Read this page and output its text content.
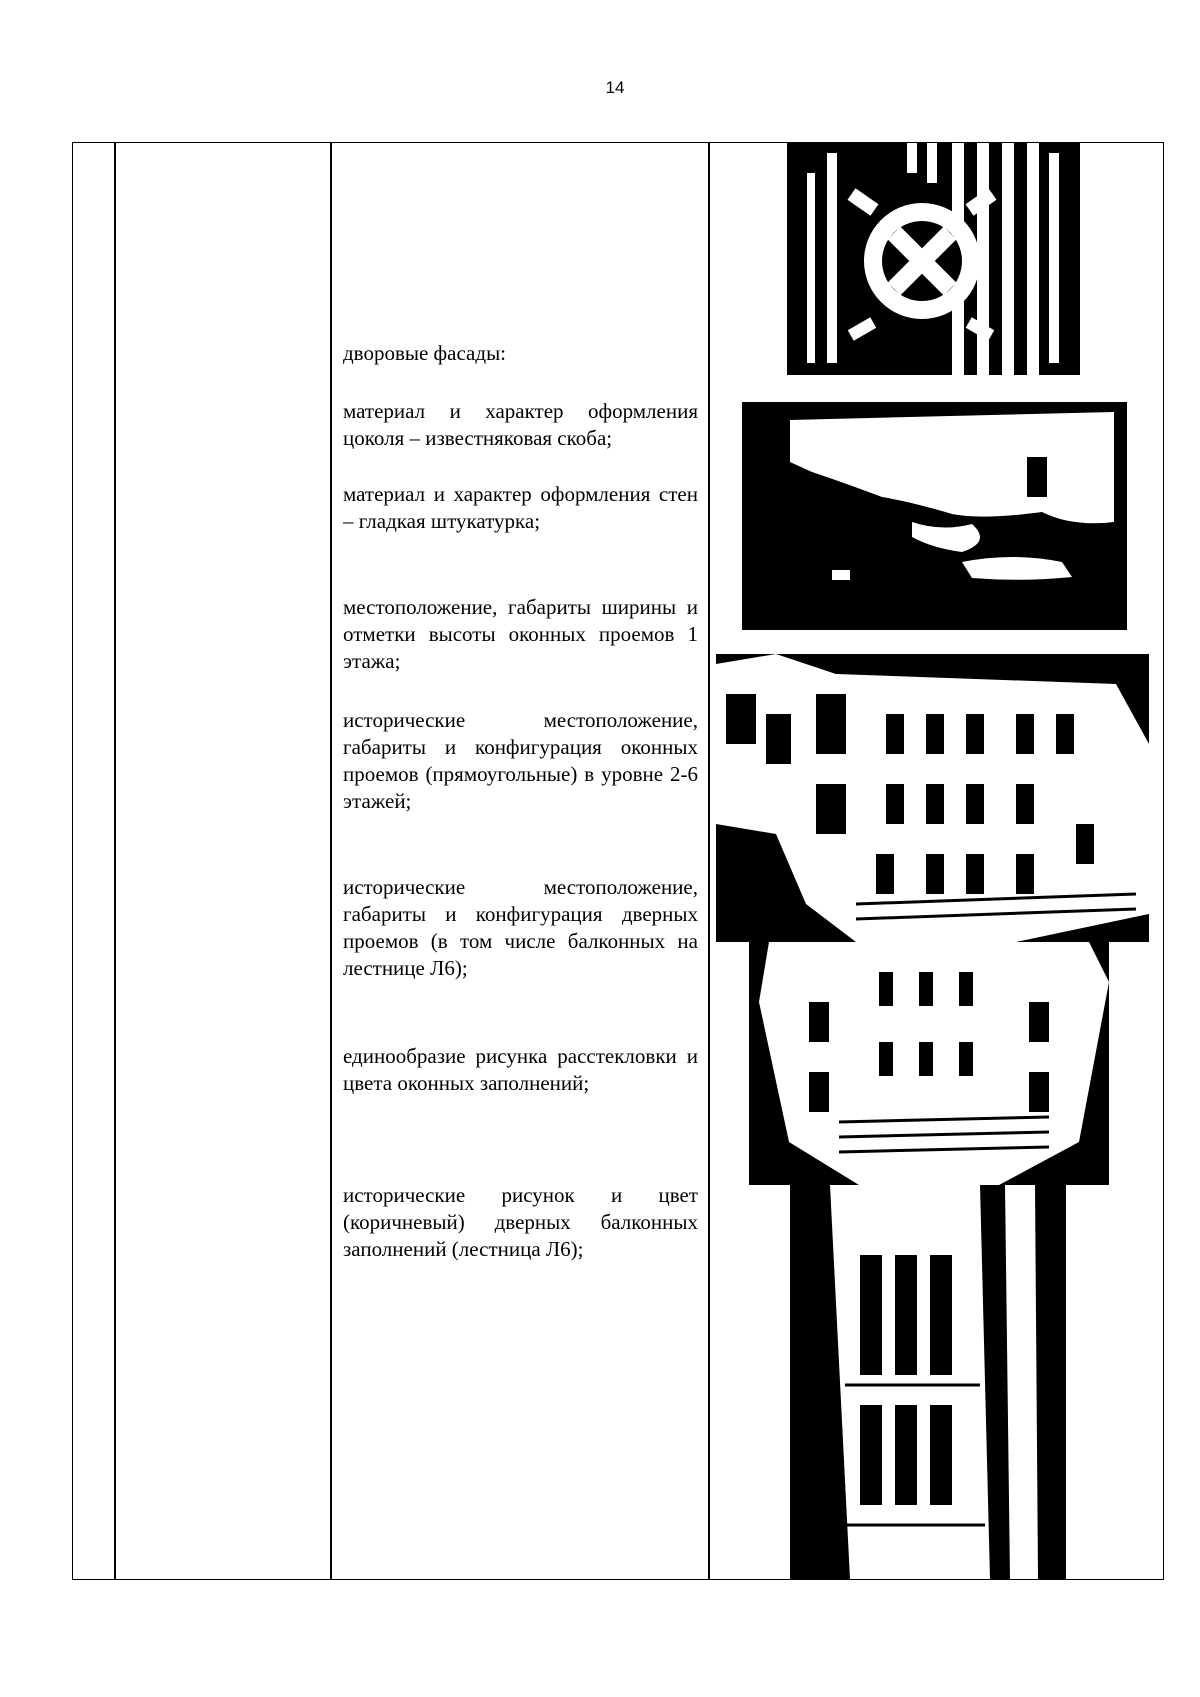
14
дворовые фасады:
материал и характер оформления цоколя – известняковая скоба;
материал и характер оформления стен – гладкая штукатурка;
местоположение, габариты ширины и отметки высоты оконных проемов 1 этажа;
исторические местоположение, габариты и конфигурация оконных проемов (прямоугольные) в уровне 2-6 этажей;
исторические местоположение, габариты и конфигурация дверных проемов (в том числе балконных на лестнице Л6);
единообразие рисунка расстекловки и цвета оконных заполнений;
исторические рисунок и цвет (коричневый) дверных балконных заполнений (лестница Л6);
